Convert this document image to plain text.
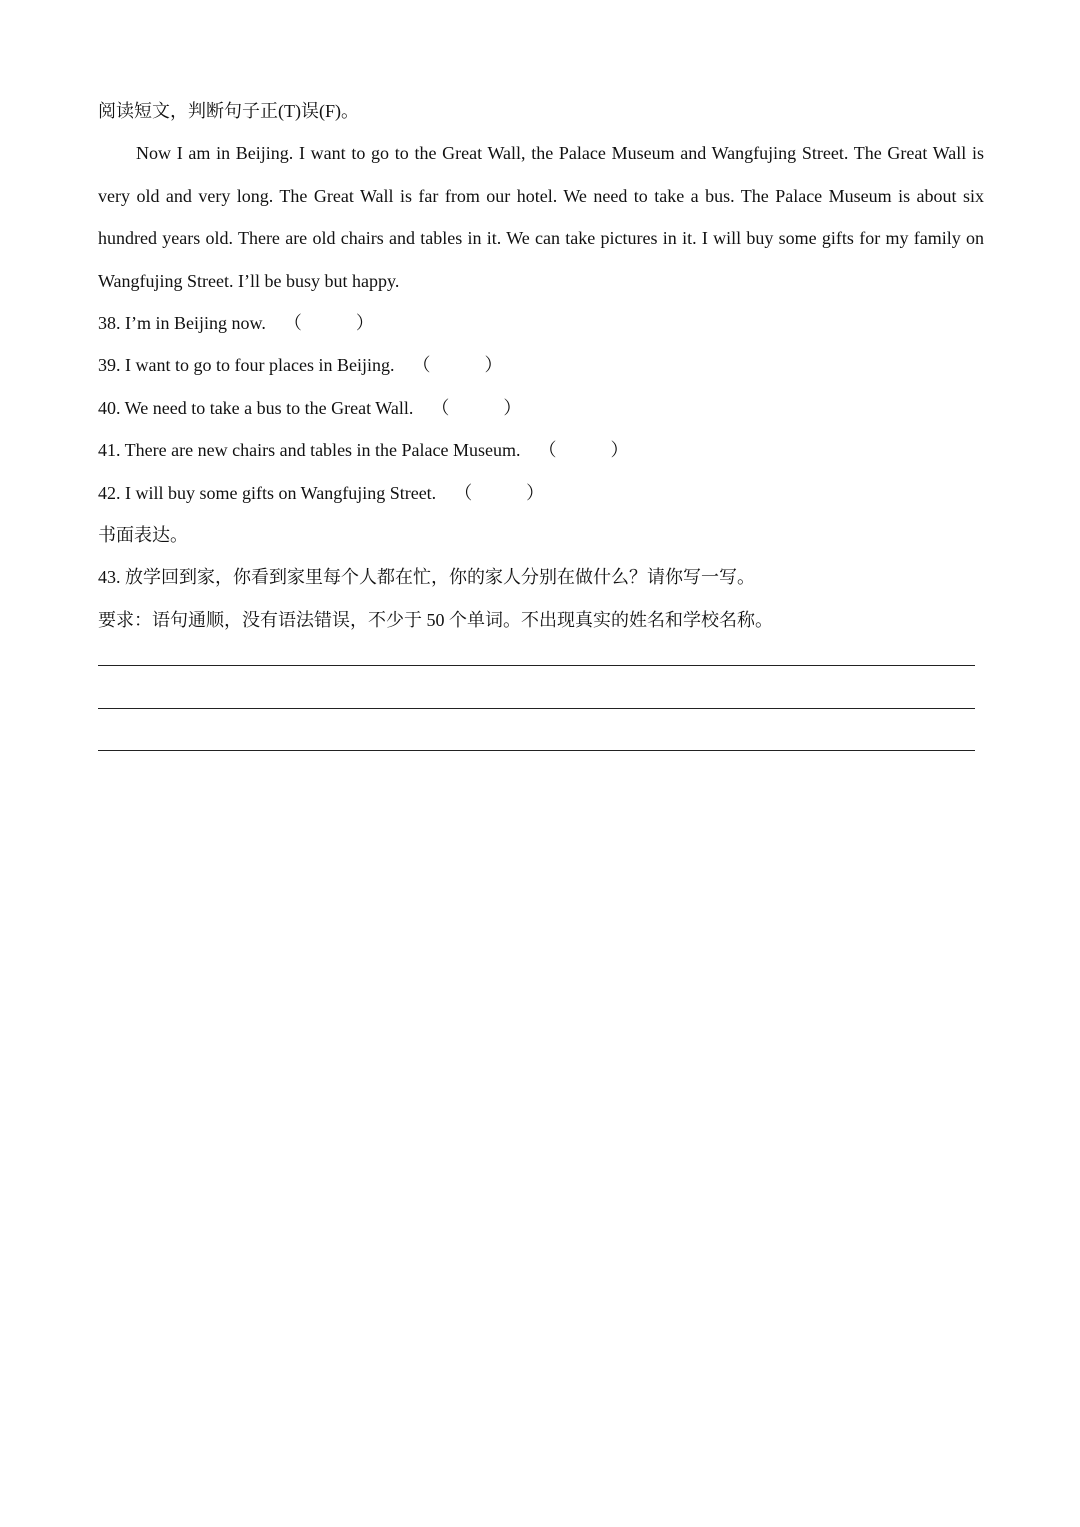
阅读短文，判断句子正(T)误(F)。

Now I am in Beijing. I want to go to the Great Wall, the Palace Museum and Wangfujing Street. The Great Wall is very old and very long. The Great Wall is far from our hotel. We need to take a bus. The Palace Museum is about six hundred years old. There are old chairs and tables in it. We can take pictures in it. I will buy some gifts for my family on Wangfujing Street. I’ll be busy but happy.

38. I’m in Beijing now. （　　　）
39. I want to go to four places in Beijing. （　　　）
40. We need to take a bus to the Great Wall. （　　　）
41. There are new chairs and tables in the Palace Museum. （　　　）
42. I will buy some gifts on Wangfujing Street. （　　　）
书面表达。
43. 放学回到家，你看到家里每个人都在忙，你的家人分别在做什么？请你写一写。
要求：语句通顺，没有语法错误，不少于 50 个单词。不出现真实的姓名和学校名称。
